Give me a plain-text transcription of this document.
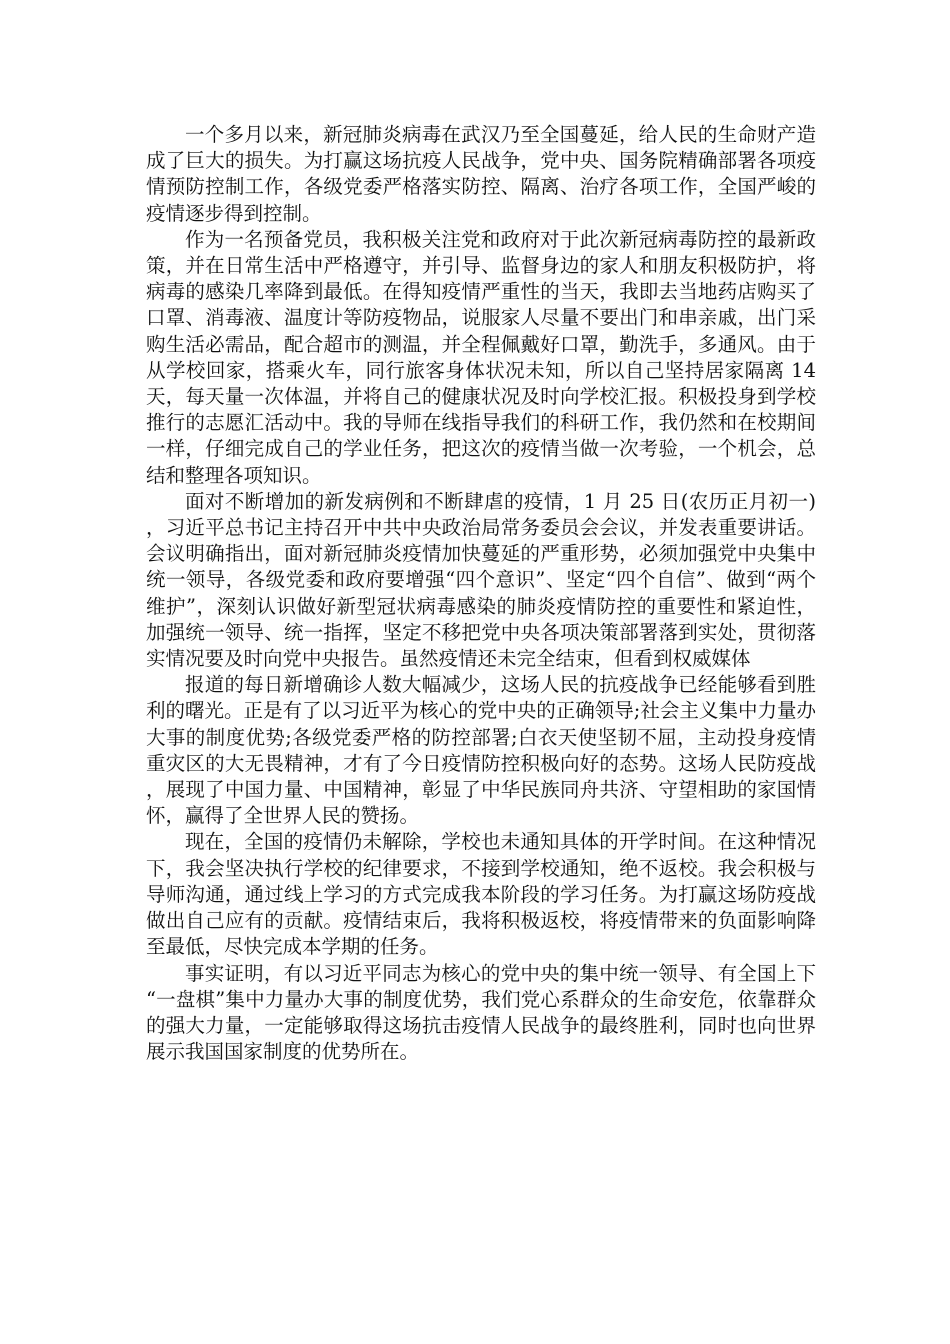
一个多月以来，新冠肺炎病毒在武汉乃至全国蔓延，给人民的生命财产造成了巨大的损失。为打赢这场抗疫人民战争，党中央、国务院精确部署各项疫情预防控制工作，各级党委严格落实防控、隔离、治疗各项工作，全国严峻的疫情逐步得到控制。

作为一名预备党员，我积极关注党和政府对于此次新冠病毒防控的最新政策，并在日常生活中严格遵守，并引导、监督身边的家人和朋友积极防护，将病毒的感染几率降到最低。在得知疫情严重性的当天，我即去当地药店购买了口罩、消毒液、温度计等防疫物品，说服家人尽量不要出门和串亲戚，出门采购生活必需品，配合超市的测温，并全程佩戴好口罩，勤洗手，多通风。由于从学校回家，搭乘火车，同行旅客身体状况未知，所以自己坚持居家隔离 14天，每天量一次体温，并将自己的健康状况及时向学校汇报。积极投身到学校推行的志愿汇活动中。我的导师在线指导我们的科研工作，我仍然和在校期间一样，仔细完成自己的学业任务，把这次的疫情当做一次考验，一个机会，总结和整理各项知识。

面对不断增加的新发病例和不断肆虐的疫情，1 月 25 日(农历正月初一)，习近平总书记主持召开中共中央政治局常务委员会会议，并发表重要讲话。会议明确指出，面对新冠肺炎疫情加快蔓延的严重形势，必须加强党中央集中统一领导，各级党委和政府要增强“四个意识”、坚定“四个自信”、做到“两个维护”，深刻认识做好新型冠状病毒感染的肺炎疫情防控的重要性和紧迫性，加强统一领导、统一指挥，坚定不移把党中央各项决策部署落到实处，贯彻落实情况要及时向党中央报告。虽然疫情还未完全结束，但看到权威媒体

报道的每日新增确诊人数大幅减少，这场人民的抗疫战争已经能够看到胜利的曙光。正是有了以习近平为核心的党中央的正确领导;社会主义集中力量办大事的制度优势;各级党委严格的防控部署;白衣天使坚韧不屈，主动投身疫情重灾区的大无畏精神，才有了今日疫情防控积极向好的态势。这场人民防疫战，展现了中国力量、中国精神，彰显了中华民族同舟共济、守望相助的家国情怀，赢得了全世界人民的赞扬。

现在，全国的疫情仍未解除，学校也未通知具体的开学时间。在这种情况下，我会坚决执行学校的纪律要求，不接到学校通知，绝不返校。我会积极与导师沟通，通过线上学习的方式完成我本阶段的学习任务。为打赢这场防疫战做出自己应有的贡献。疫情结束后，我将积极返校，将疫情带来的负面影响降至最低，尽快完成本学期的任务。

事实证明，有以习近平同志为核心的党中央的集中统一领导、有全国上下“一盘棋”集中力量办大事的制度优势，我们党心系群众的生命安危，依靠群众的强大力量，一定能够取得这场抗击疫情人民战争的最终胜利，同时也向世界展示我国国家制度的优势所在。
